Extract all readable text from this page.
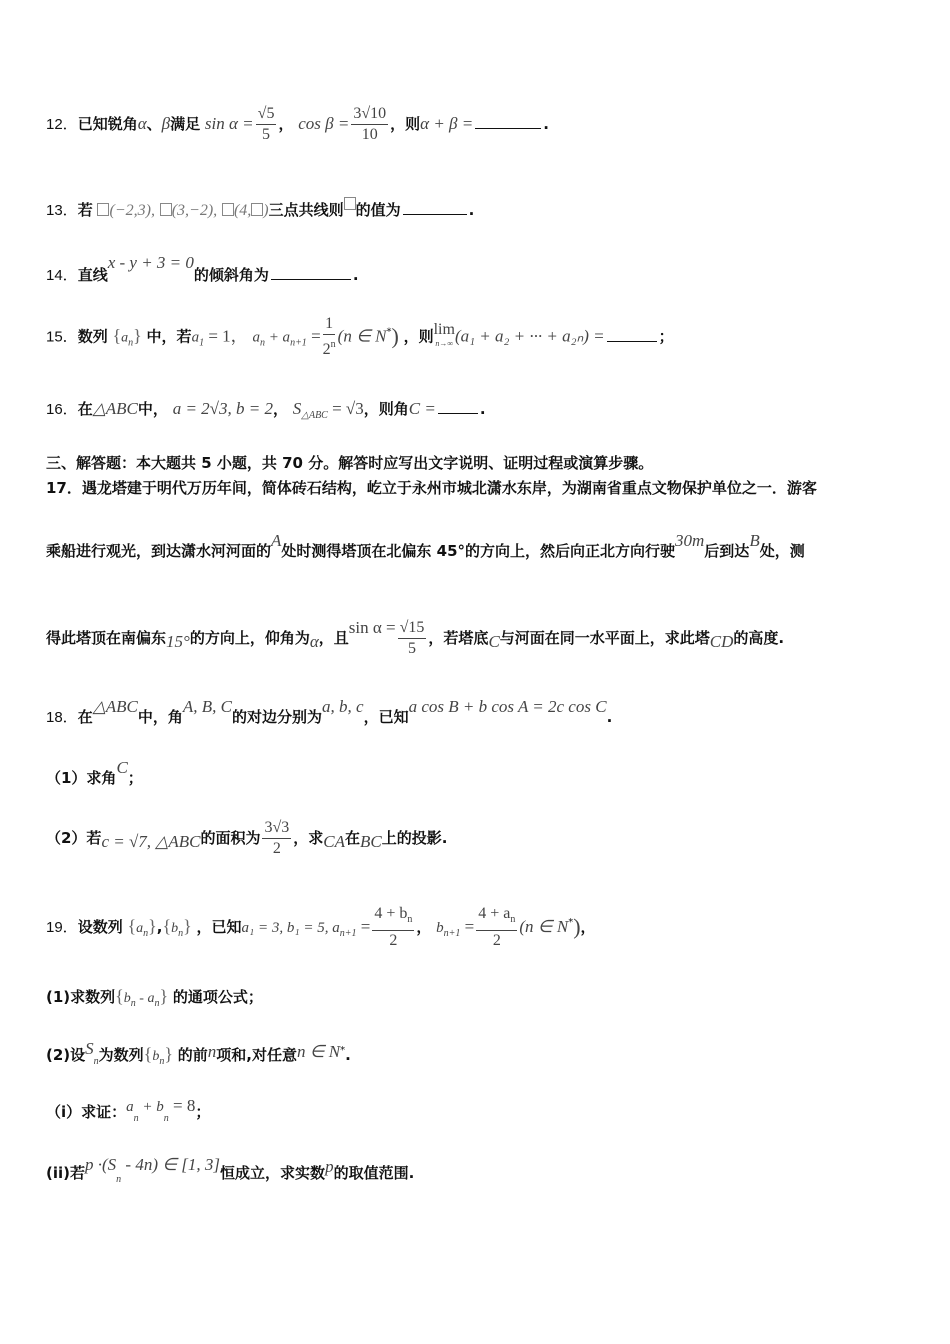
12．已知锐角α、β满足 $\sin \alpha = \frac{√5}{5}$ ， $\cos \beta = \frac{3√10}{10}$ ，则α + β =	.
13．若 (−2,3), (3,−2), (4, )三点共线则 的值为	.
14．直线x - y + 3 = 0的倾斜角为	.
15．数列 $\{a_n\}$ 中，若$a_1 = 1$， $a_n + a_{n+1} = \frac{1}{2^n} (n$ ∈ N*) ，则 lim
n→∞ (a₁ + a₂ + ··· + a₂ₙ) =	；
16．在△ABC中， a = 2√3, b = 2， $S_{\triangle ABC} = √3$，则角C =	.
三、解答题：本大题共 5 小题，共 70 分。解答时应写出文字说明、证明过程或演算步骤。
17．遇龙塔建于明代万历年间，简体砖石结构，屹立于永州市城北潇水东岸，为湖南省重点文物保护单位之一．游客
乘船进行观光，到达潇水河河面的A处时测得塔顶在北偏东 45°的方向上，然后向正北方向行驶30m后到达B处，测
得此塔顶在南偏东15°的方向上，仰角为α，且$\sin \alpha = \frac{√15}{5}$ ，若塔底C与河面在同一水平面上，求此塔CD的高度.
18．在△ABC中，角A, B, C的对边分别为a, b, c，已知a cos B + b cos A = 2c cos C.
（1）求角C；
（2）若c = √7, △ABC的面积为 $\frac{3√3}{2}$ ，求CA在BC上的投影.
19．设数列 $\{a_n\},\{b_n\}$ ，已知a₁ = 3, b₁ = 5, $a_{n+1} = \frac{4 + b_n}{2}$ ， $b_{n+1} = \frac{4 + a_n}{2} (n$ ∈ N*)，
(1)求数列$\{b_n - a_n\}$ 的通项公式；
(2)设$S_n$为数列$\{b_n\}$ 的前n项和,对任意n ∈ N*.
（i）求证：$a_n + b_n = 8$；
(ii)若$p \cdot(S_n - 4n)$ ∈ [1, 3]恒成立，求实数p的取值范围.
